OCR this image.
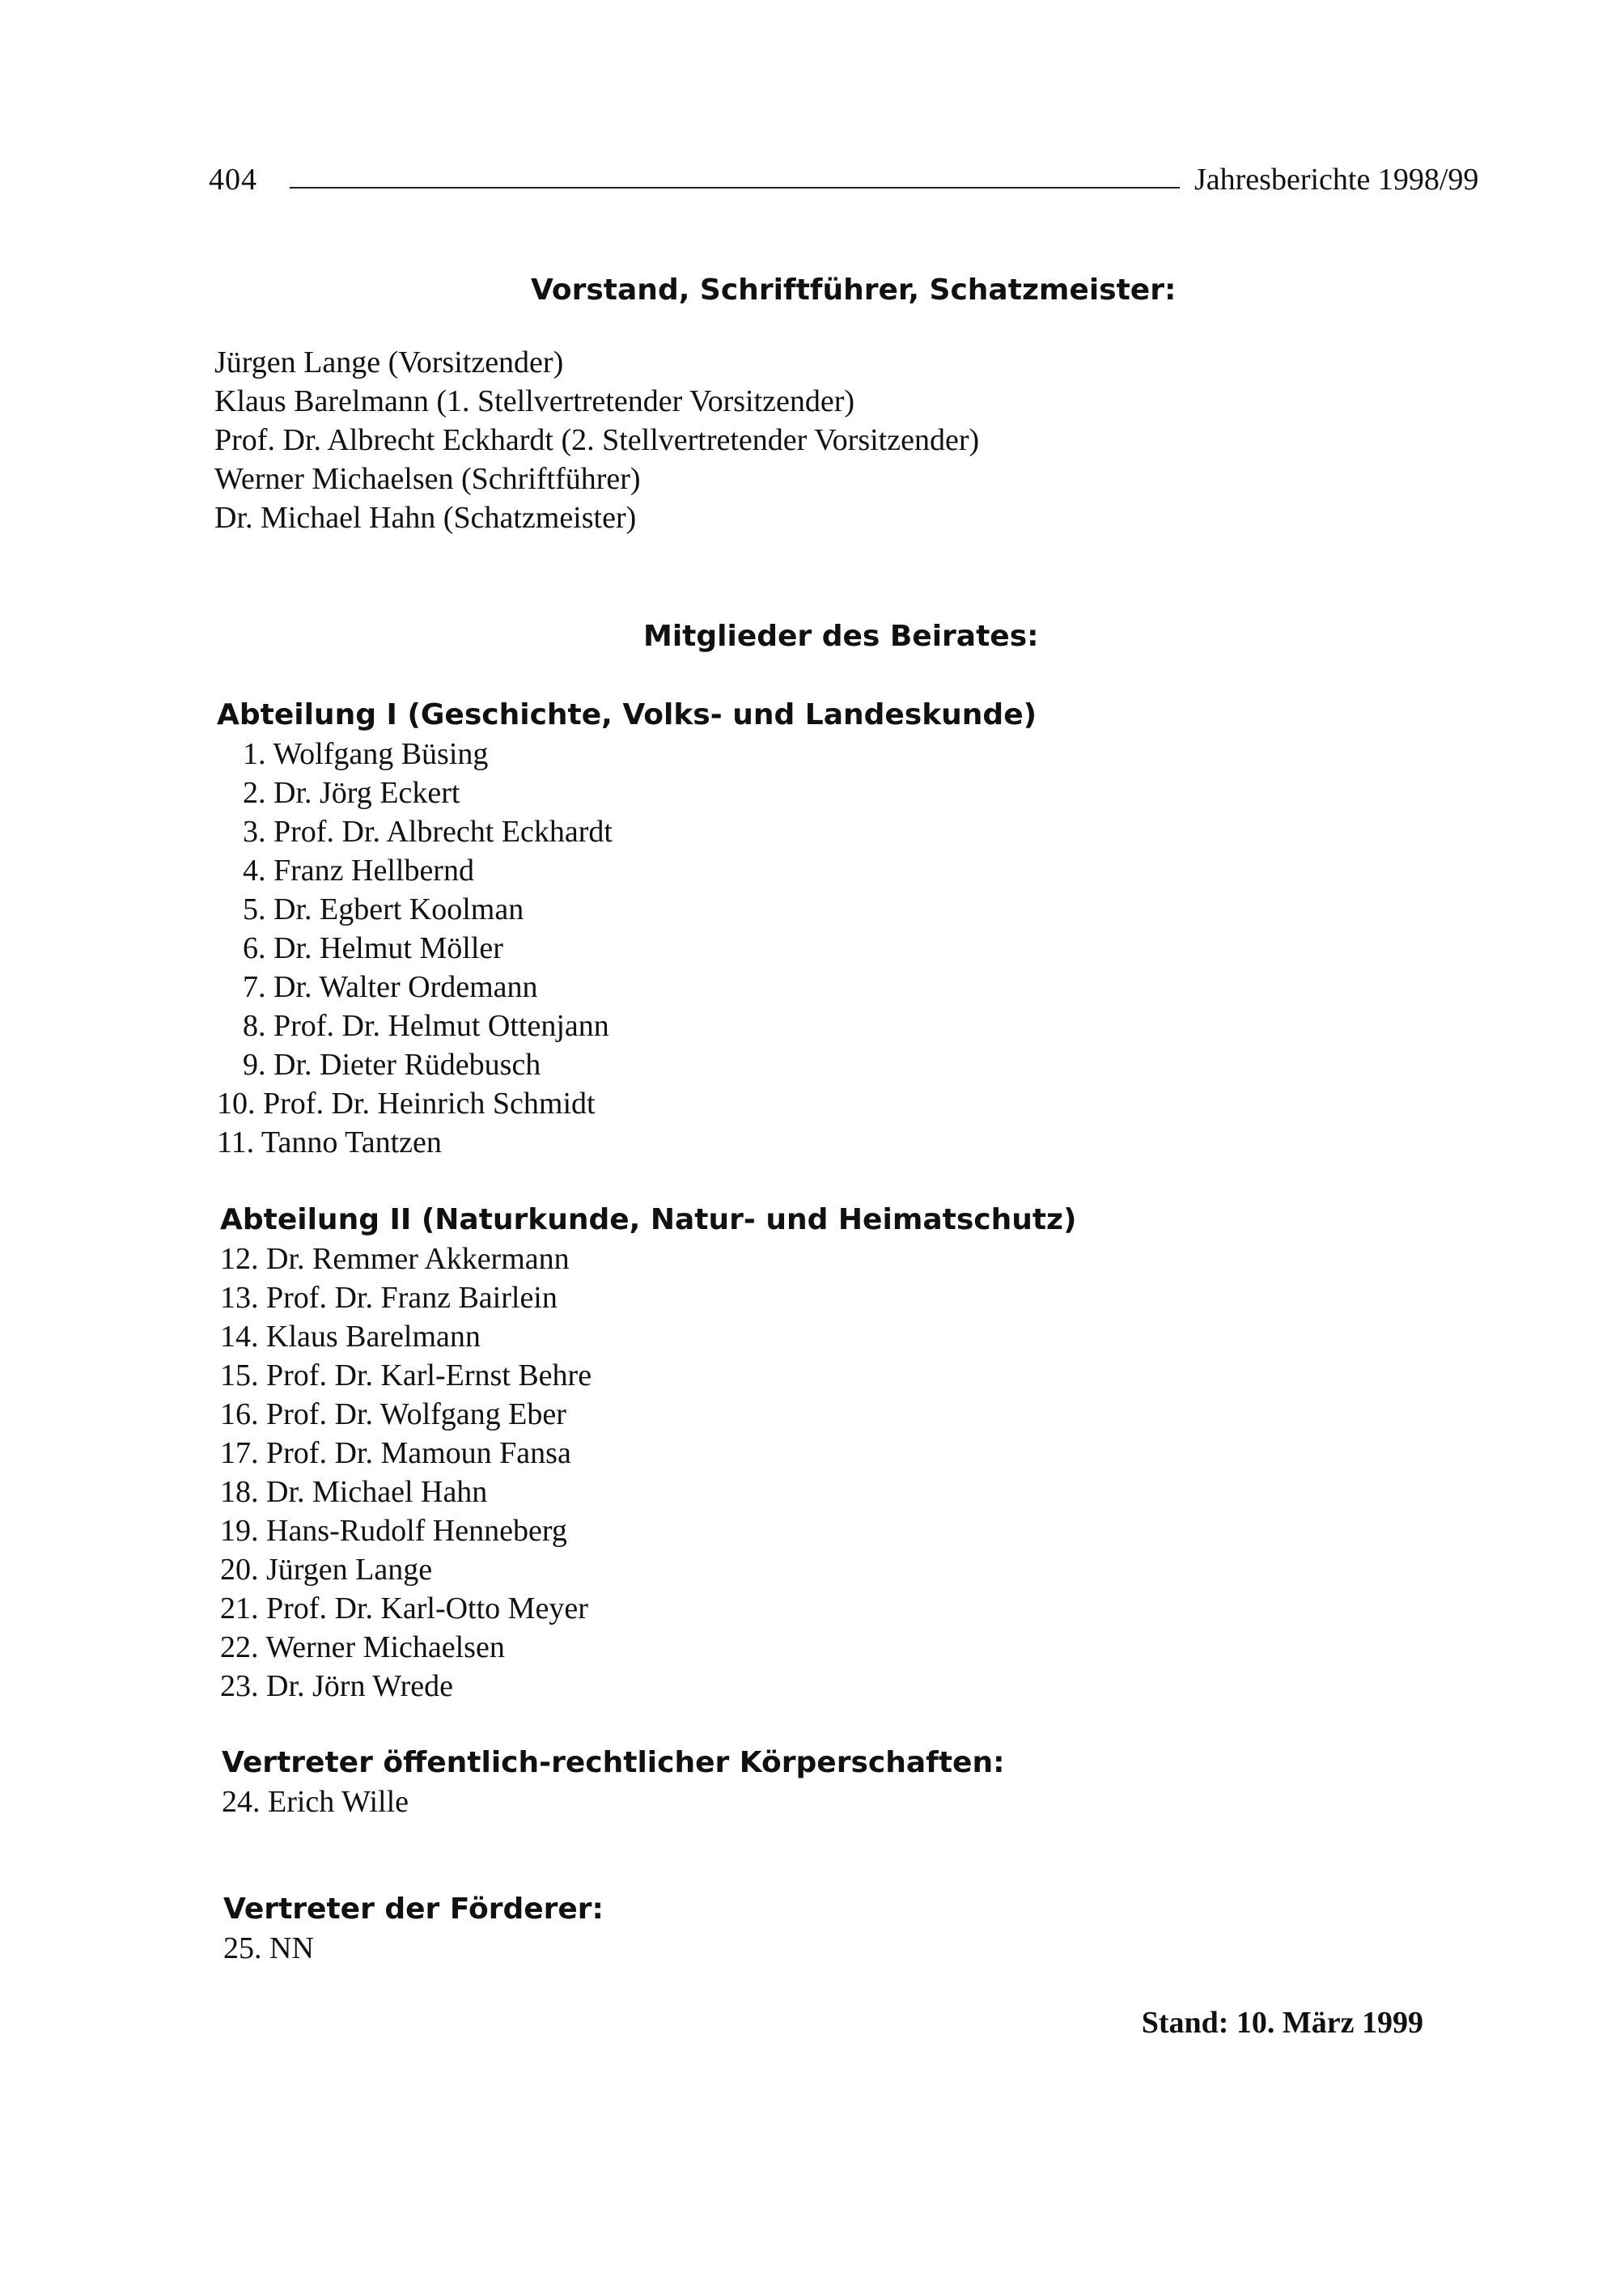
404	Jahresberichte 1998/99
Vorstand, Schriftführer, Schatzmeister:
Jürgen Lange (Vorsitzender)
Klaus Barelmann (1. Stellvertretender Vorsitzender)
Prof. Dr. Albrecht Eckhardt (2. Stellvertretender Vorsitzender)
Werner Michaelsen (Schriftführer)
Dr. Michael Hahn (Schatzmeister)
Mitglieder des Beirates:
Abteilung I (Geschichte, Volks- und Landeskunde)
1. Wolfgang Büsing
2. Dr. Jörg Eckert
3. Prof. Dr. Albrecht Eckhardt
4. Franz Hellbernd
5. Dr. Egbert Koolman
6. Dr. Helmut Möller
7. Dr. Walter Ordemann
8. Prof. Dr. Helmut Ottenjann
9. Dr. Dieter Rüdebusch
10. Prof. Dr. Heinrich Schmidt
11. Tanno Tantzen
Abteilung II (Naturkunde, Natur- und Heimatschutz)
12. Dr. Remmer Akkermann
13. Prof. Dr. Franz Bairlein
14. Klaus Barelmann
15. Prof. Dr. Karl-Ernst Behre
16. Prof. Dr. Wolfgang Eber
17. Prof. Dr. Mamoun Fansa
18. Dr. Michael Hahn
19. Hans-Rudolf Henneberg
20. Jürgen Lange
21. Prof. Dr. Karl-Otto Meyer
22. Werner Michaelsen
23. Dr. Jörn Wrede
Vertreter öffentlich-rechtlicher Körperschaften:
24. Erich Wille
Vertreter der Förderer:
25. NN
Stand: 10. März 1999
